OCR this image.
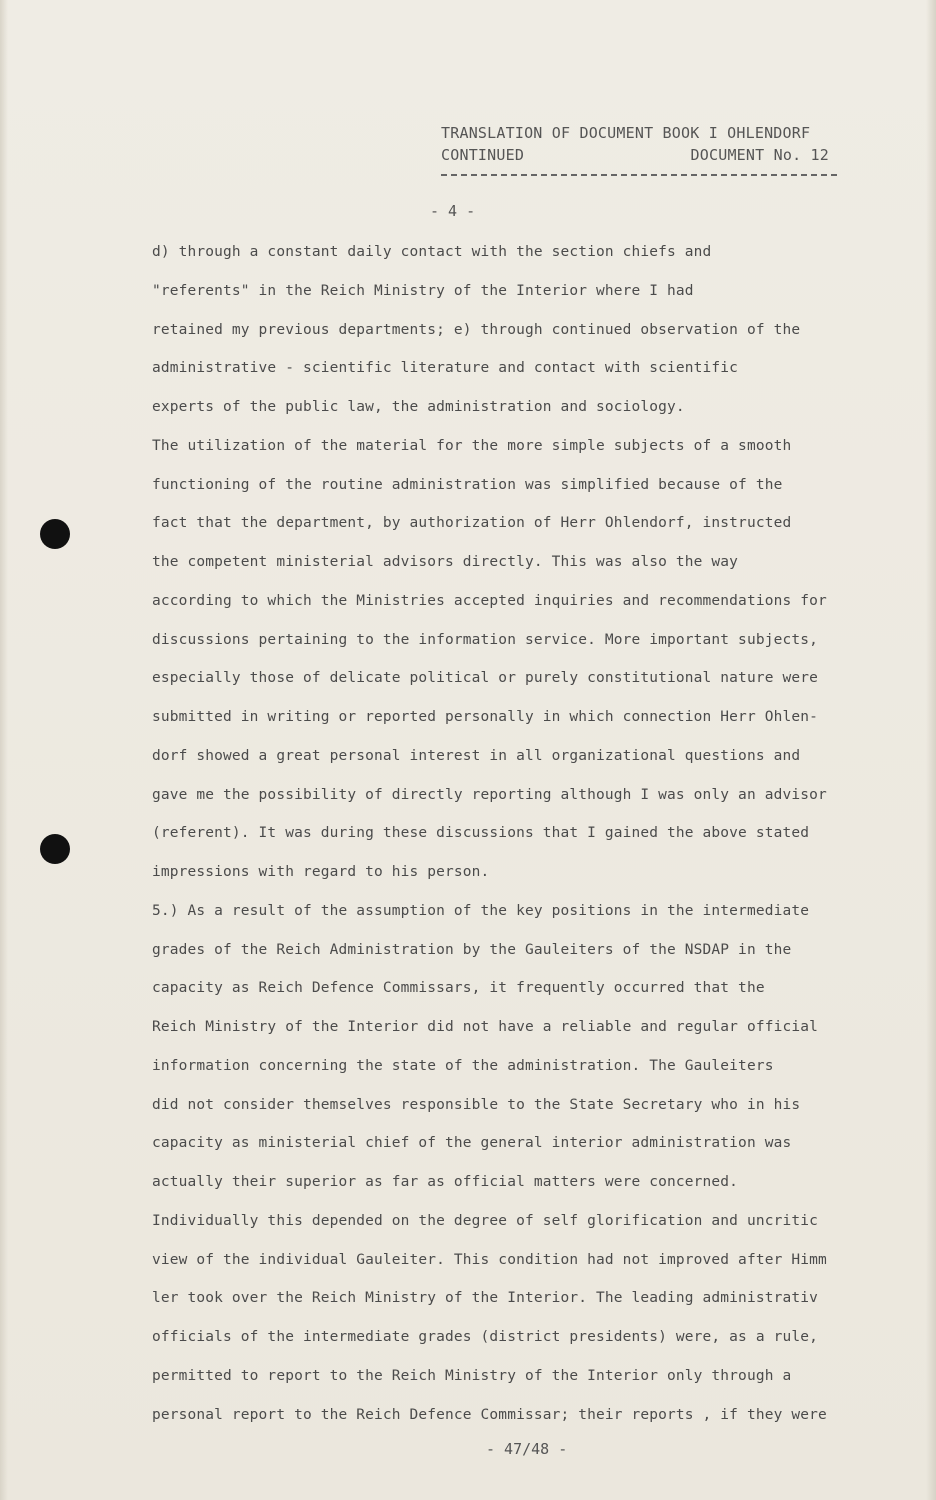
TRANSLATION OF DOCUMENT BOOK I OHLENDORF
CONTINUED	DOCUMENT No. 12
- 4 -
d) through a constant daily contact with the section chiefs and
"referents" in the Reich Ministry of the Interior where I had
retained my previous departments; e) through continued observation of the
administrative - scientific literature and contact with scientific
experts of the public law, the administration and sociology.
The utilization of the material for the more simple subjects of a smooth
functioning of the routine administration was simplified because of the
fact that the department, by authorization of Herr Ohlendorf, instructed
the competent ministerial advisors directly. This was also the way
according to which the Ministries accepted inquiries and recommendations for
discussions pertaining to the information service. More important subjects,
especially those of delicate political or purely constitutional nature were
submitted in writing or reported personally in which connection Herr Ohlen-
dorf showed a great personal interest in all organizational questions and
gave me the possibility of directly reporting although I was only an advisor
(referent). It was during these discussions that I gained the above stated
impressions with regard to his person.
5.) As a result of the assumption of the key positions in the intermediate
grades of the Reich Administration by the Gauleiters of the NSDAP in the
capacity as Reich Defence Commissars, it frequently occurred that the
Reich Ministry of the Interior did not have a reliable and regular official
information concerning the state of the administration. The Gauleiters
did not consider themselves responsible to the State Secretary who in his
capacity as ministerial chief of the general interior administration was
actually their superior as far as official matters were concerned.
Individually this depended on the degree of self glorification and uncritic
view of the individual Gauleiter. This condition had not improved after Himm
ler took over the Reich Ministry of the Interior. The leading administrativ
officials of the intermediate grades (district presidents) were, as a rule,
permitted to report to the Reich Ministry of the Interior only through a
personal report to the Reich Defence Commissar; their reports , if they were
- 47/48 -
